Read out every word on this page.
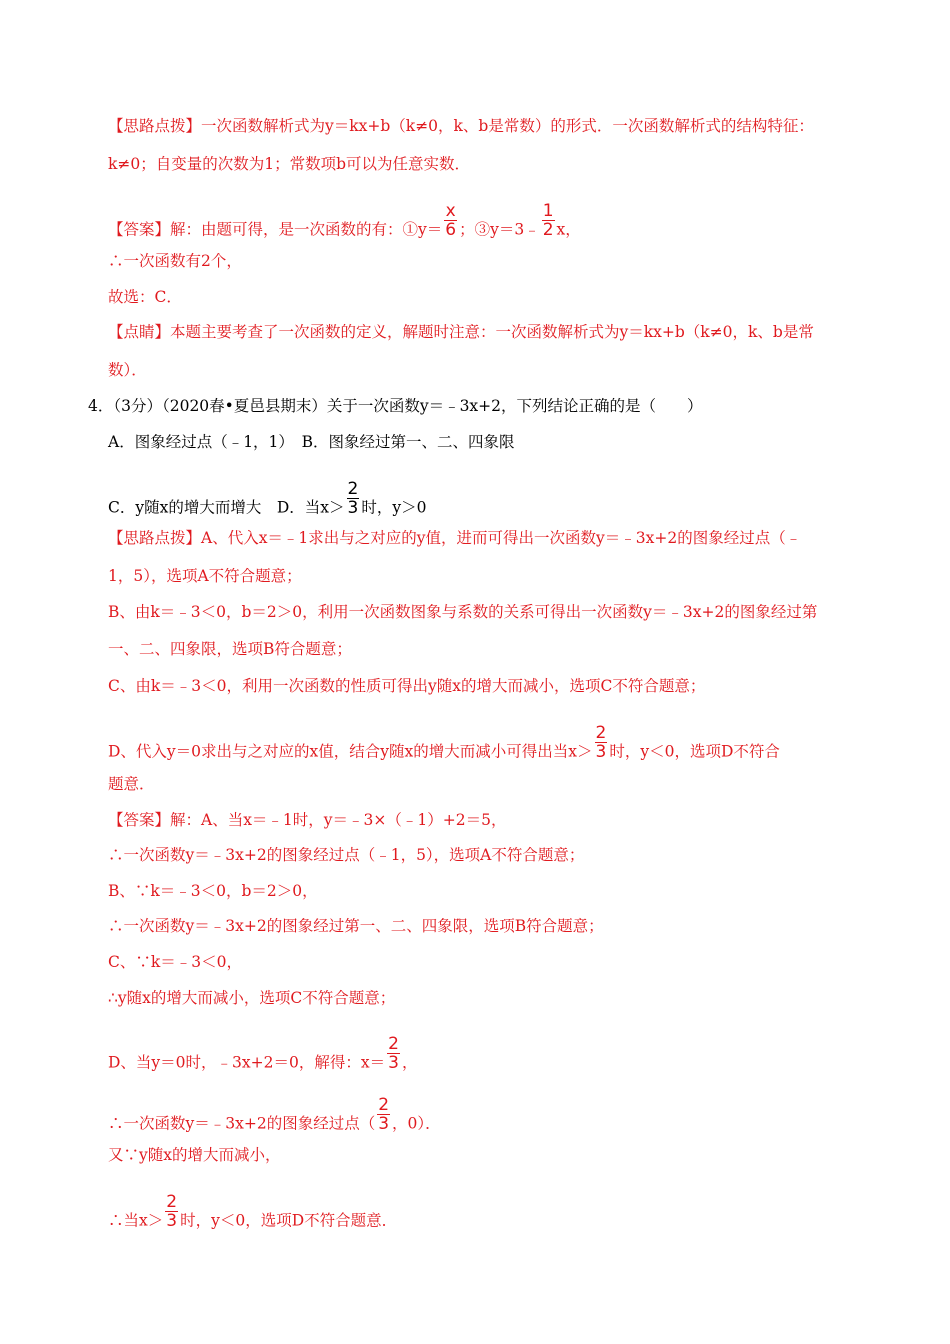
【思路点拨】一次函数解析式为y＝kx+b（k≠0，k、b是常数）的形式．一次函数解析式的结构特征：
k≠0；自变量的次数为1；常数项b可以为任意实数．
【答案】解：由题可得，是一次函数的有：①y＝ $\frac{x}{6}$ ；③y＝3﹣ $\frac{1}{2}$ x，
∴一次函数有2个，
故选：C．
【点睛】本题主要考查了一次函数的定义，解题时注意：一次函数解析式为y＝kx+b（k≠0，k、b是常
数）．
4．（3分）（2020春•夏邑县期末）关于一次函数y＝﹣3x+2，下列结论正确的是（　　）
A．图象经过点（﹣1，1）　B．图象经过第一、二、四象限
C．y随x的增大而增大　D．当$x> \frac{2}{3}$ 时，y＞0
【思路点拨】A、代入x＝﹣1求出与之对应的y值，进而可得出一次函数y＝﹣3x+2的图象经过点（﹣
1，5），选项A不符合题意；
B、由k＝﹣3＜0，b＝2＞0，利用一次函数图象与系数的关系可得出一次函数y＝﹣3x+2的图象经过第
一、二、四象限，选项B符合题意；
C、由k＝﹣3＜0，利用一次函数的性质可得出y随x的增大而减小，选项C不符合题意；
D、代入y＝0求出与之对应的x值，结合y随x的增大而减小可得出当$x> \frac{2}{3}$ 时，y＜0，选项D不符合
题意．
【答案】解：A、当x＝﹣1时，y＝﹣3×（﹣1）+2＝5，
∴一次函数y＝﹣3x+2的图象经过点（﹣1，5），选项A不符合题意；
B、∵k＝﹣3＜0，b＝2＞0，
∴一次函数y＝﹣3x+2的图象经过第一、二、四象限，选项B符合题意；
C、∵k＝﹣3＜0，
∴y随x的增大而减小，选项C不符合题意；
D、当y＝0时，﹣3x+2＝0，解得：$x= \frac{2}{3}$ ，
∴一次函数y＝﹣3x+2的图象经过点（ $\frac{2}{3}$ ，0）．
又∵y随x的增大而减小，
∴当$x> \frac{2}{3}$ 时，y＜0，选项D不符合题意．
